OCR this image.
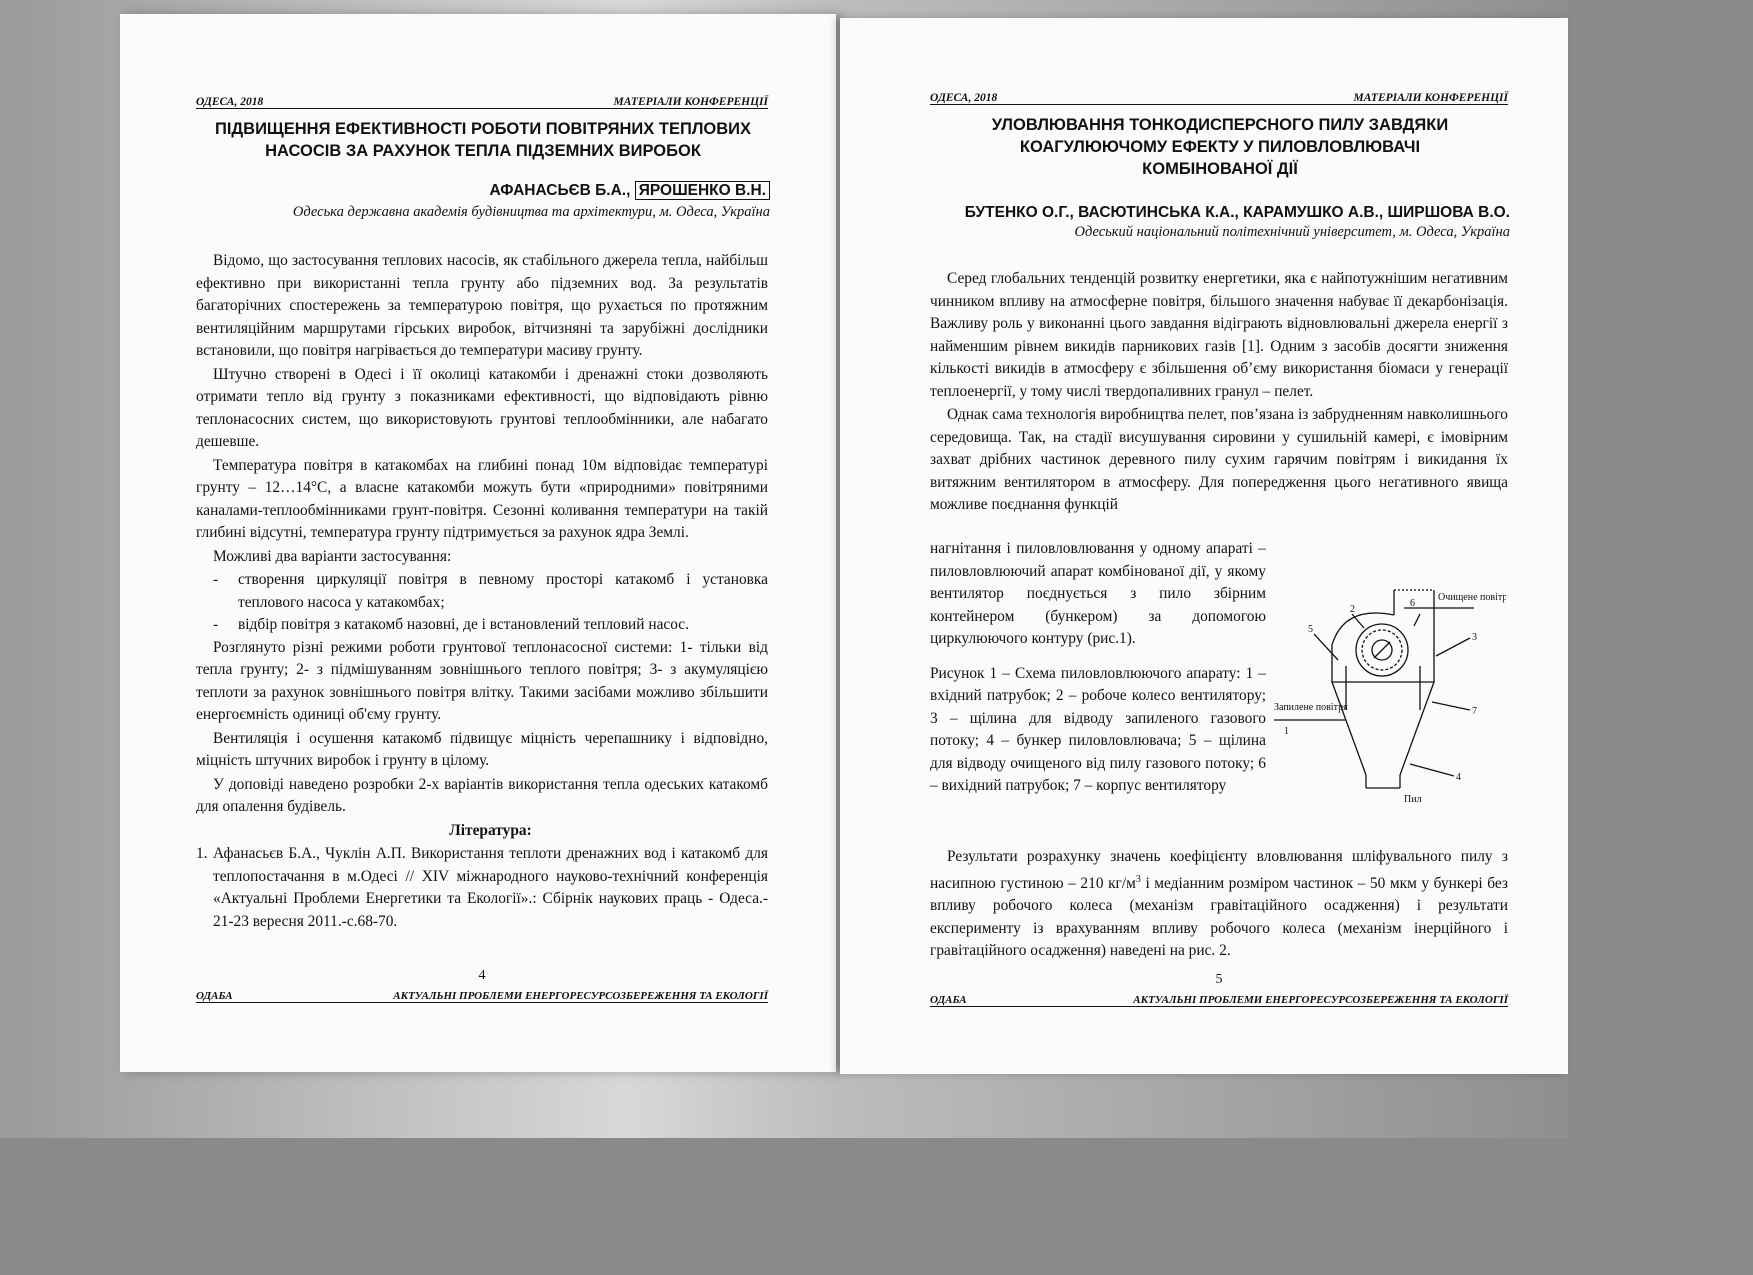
ОДЕСА, 2018	МАТЕРІАЛИ КОНФЕРЕНЦІЇ
ПІДВИЩЕННЯ ЕФЕКТИВНОСТІ РОБОТИ ПОВІТРЯНИХ ТЕПЛОВИХ
НАСОСІВ ЗА РАХУНОК ТЕПЛА ПІДЗЕМНИХ ВИРОБОК
АФАНАСЬЄВ Б.А., ЯРОШЕНКО В.Н.
Одеська державна академія будівництва та архітектури, м. Одеса, Україна

Відомо, що застосування теплових насосів, як стабільного джерела тепла, найбільш ефективно при використанні тепла грунту або підземних вод. За результатів багаторічних спостережень за температурою повітря, що рухається по протяжним вентиляційним маршрутами гірських виробок, вітчизняні та зарубіжні дослідники встановили, що повітря нагрівається до температури масиву грунту.

Штучно створені в Одесі і її околиці катакомби і дренажні стоки дозволяють отримати тепло від грунту з показниками ефективності, що відповідають рівню теплонасосних систем, що використовують грунтові теплообмінники, але набагато дешевше.

Температура повітря в катакомбах на глибині понад 10м відповідає температурі грунту – 12…14°С, а власне катакомби можуть бути «природними» повітряними каналами-теплообмінниками грунт-повітря. Сезонні коливання температури на такій глибині відсутні, температура грунту підтримується за рахунок ядра Землі.

Можливі два варіанти застосування:

- створення циркуляції повітря в певному просторі катакомб і установка теплового насоса у катакомбах;
- відбір повітря з катакомб назовні, де і встановлений тепловий насос.

Розглянуто різні режими роботи грунтової теплонасосної системи: 1- тільки від тепла грунту; 2- з підмішуванням зовнішнього теплого повітря; 3- з акумуляцією теплоти за рахунок зовнішнього повітря влітку. Такими засібами можливо збільшити енергоємність одиниці об'єму грунту.

Вентиляція і осушення катакомб підвищує міцність черепашнику і відповідно, міцність штучних виробок і грунту в цілому.

У доповіді наведено розробки 2-х варіантів використання тепла одеських катакомб для опалення будівель.

Література:

1. Афанасьєв Б.А., Чуклін А.П. Використання теплоти дренажних вод і катакомб для теплопостачання в м.Одесі // XIV міжнародного науково-технічний конференція «Актуальні Проблеми Енергетики та Екології».: Сбірнік наукових праць - Одеса.- 21-23 вересня 2011.-с.68-70.
4
ОДАБА	АКТУАЛЬНІ ПРОБЛЕМИ ЕНЕРГОРЕСУРСОЗБЕРЕЖЕННЯ ТА ЕКОЛОГІЇ
ОДЕСА, 2018	МАТЕРІАЛИ КОНФЕРЕНЦІЇ
УЛОВЛЮВАННЯ ТОНКОДИСПЕРСНОГО ПИЛУ ЗАВДЯКИ
КОАГУЛЮЮЧОМУ ЕФЕКТУ У ПИЛОВЛОВЛЮВАЧІ
КОМБІНОВАНОЇ ДІЇ
БУТЕНКО О.Г., ВАСЮТИНСЬКА К.А., КАРАМУШКО А.В., ШИРШОВА В.О.
Одеський національний політехнічний університет, м. Одеса, Україна

Серед глобальних тенденцій розвитку енергетики, яка є найпотужнішим негативним чинником впливу на атмосферне повітря, більшого значення набуває її декарбонізація. Важливу роль у виконанні цього завдання відіграють відновлювальні джерела енергії з найменшим рівнем викидів парникових газів [1]. Одним з засобів досягти зниження кількості викидів в атмосферу є збільшення об’єму використання біомаси у генерації теплоенергії, у тому числі твердопаливних гранул – пелет.

Однак сама технологія виробництва пелет, пов’язана із забрудненням навколишнього середовища. Так, на стадії висушування сировини у сушильній камері, є імовірним захват дрібних частинок деревного пилу сухим гарячим повітрям і викидання їх витяжним вентилятором в атмосферу. Для попередження цього негативного явища можливе поєднання функцій

нагнітання і пиловловлювання у одному апараті – пиловловлюючий апарат комбінованої дії, у якому вентилятор поєднується з пило збірним контейнером (бункером) за допомогою циркулюючого контуру (рис.1).

Рисунок 1 – Схема пиловловлюючого апарату: 1 – вхідний патрубок; 2 – робоче колесо вентилятору; 3 – щілина для відводу запиленого газового потоку; 4 – бункер пиловловлювача; 5 – щілина для відводу очищеного від пилу газового потоку; 6 – вихідний патрубок; 7 – корпус вентилятору

Очищене повітря
Запилене повітря
Пил
5
2
6
3
7
4
1

Результати розрахунку значень коефіцієнту вловлювання шліфувального пилу з насипною густиною – 210 $кг/м^3$ і медіанним розміром частинок – 50 мкм у бункері без впливу робочого колеса (механізм гравітаційного осадження) і результати експерименту із врахуванням впливу робочого колеса (механізм інерційного і гравітаційного осадження) наведені на рис. 2.

5
ОДАБА	АКТУАЛЬНІ ПРОБЛЕМИ ЕНЕРГОРЕСУРСОЗБЕРЕЖЕННЯ ТА ЕКОЛОГІЇ
